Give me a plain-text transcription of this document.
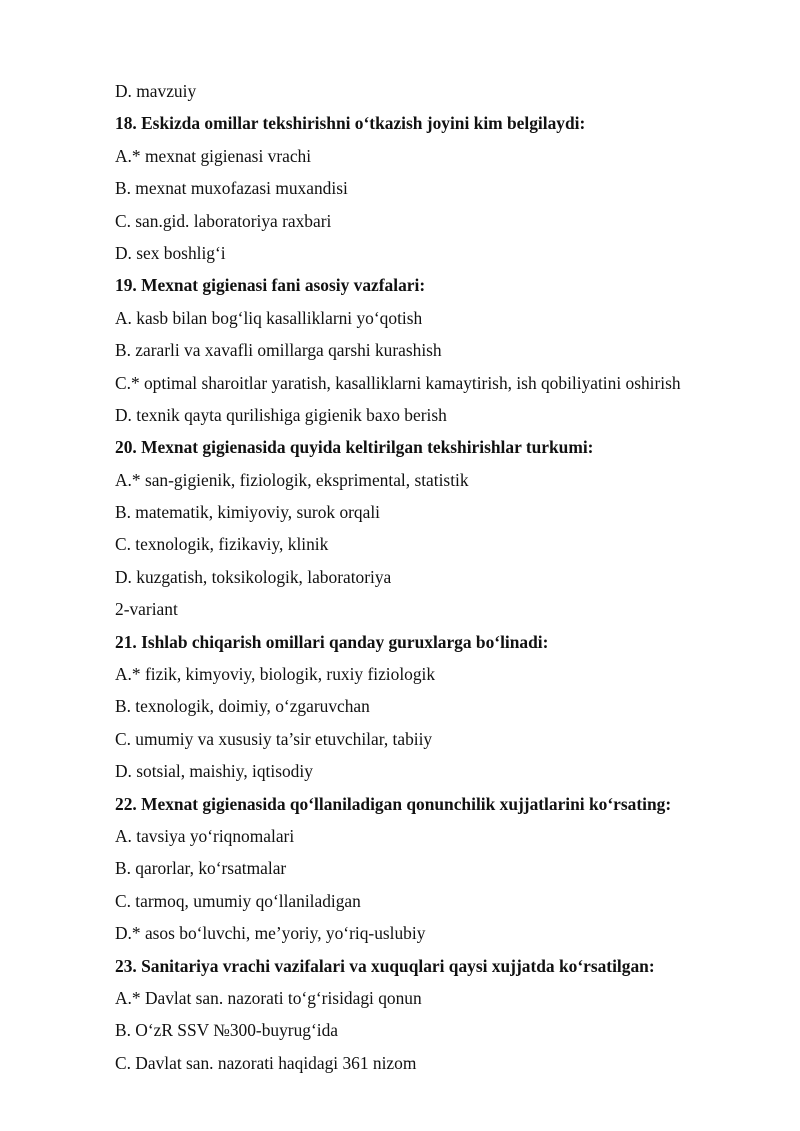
D. mavzuiy
18. Eskizda omillar tekshirishni o‘tkazish joyini kim belgilaydi:
A.* mexnat gigienasi vrachi
B. mexnat muxofazasi muxandisi
C. san.gid. laboratoriya raxbari
D. sex boshlig‘i
19. Mexnat gigienasi fani asosiy vazfalari:
A. kasb bilan bog‘liq kasalliklarni yo‘qotish
B. zararli va xavafli omillarga qarshi kurashish
C.* optimal sharoitlar yaratish, kasalliklarni kamaytirish, ish qobiliyatini oshirish
D. texnik qayta qurilishiga gigienik baxo berish
20. Mexnat gigienasida quyida keltirilgan tekshirishlar turkumi:
A.* san-gigienik, fiziologik, eksprimental, statistik
B. matematik, kimiyoviy, surok orqali
C. texnologik, fizikaviy, klinik
D. kuzgatish, toksikologik, laboratoriya
2-variant
21. Ishlab chiqarish omillari qanday guruxlarga bo‘linadi:
A.* fizik, kimyoviy, biologik, ruxiy fiziologik
B. texnologik, doimiy, o‘zgaruvchan
C. umumiy va xususiy ta’sir etuvchilar, tabiiy
D. sotsial, maishiy, iqtisodiy
22. Mexnat gigienasida qo‘llaniladigan qonunchilik xujjatlarini ko‘rsating:
A. tavsiya yo‘riqnomalari
B. qarorlar, ko‘rsatmalar
C. tarmoq, umumiy qo‘llaniladigan
D.* asos bo‘luvchi, me’yoriy, yo‘riq-uslubiy
23. Sanitariya vrachi vazifalari va xuquqlari qaysi xujjatda ko‘rsatilgan:
A.* Davlat san. nazorati to‘g‘risidagi qonun
B. O‘zR SSV №300-buyrug‘ida
C. Davlat san. nazorati haqidagi 361 nizom
